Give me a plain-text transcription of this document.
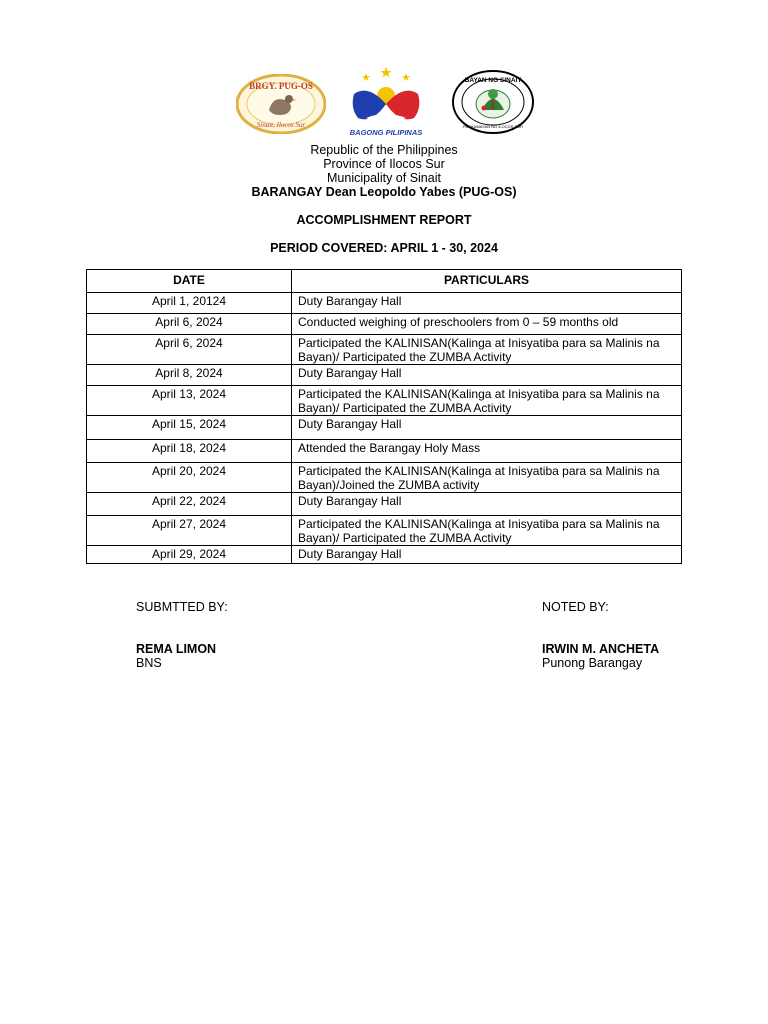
BRGY. PUG-OS
Sinait, Ilocos Sur
BAGONG PILIPINAS
BAYAN NG SINAIT
PAGKAMAYAN NG ILOCOS SUR
Republic of the Philippines
Province of Ilocos Sur
Municipality of Sinait
BARANGAY Dean Leopoldo Yabes (PUG-OS)
ACCOMPLISHMENT REPORT
PERIOD COVERED: APRIL 1 - 30, 2024
DATE	PARTICULARS
April 1, 20124	Duty Barangay Hall
April 6, 2024	Conducted weighing of preschoolers from 0 – 59 months old
April 6, 2024	Participated the KALINISAN(Kalinga at Inisyatiba para sa Malinis na Bayan)/ Participated the ZUMBA Activity
April 8, 2024	Duty Barangay Hall
April 13, 2024	Participated the KALINISAN(Kalinga at Inisyatiba para sa Malinis na Bayan)/ Participated the ZUMBA Activity
April 15, 2024	Duty Barangay Hall
April 18, 2024	Attended the Barangay Holy Mass
April 20, 2024	Participated the KALINISAN(Kalinga at Inisyatiba para sa Malinis na Bayan)/Joined the ZUMBA activity
April 22, 2024	Duty Barangay Hall
April 27, 2024	Participated the KALINISAN(Kalinga at Inisyatiba para sa Malinis na Bayan)/ Participated the ZUMBA Activity
April 29, 2024	Duty Barangay Hall
SUBMTTED BY:
REMA LIMON
BNS
NOTED BY:
IRWIN M. ANCHETA
Punong Barangay
